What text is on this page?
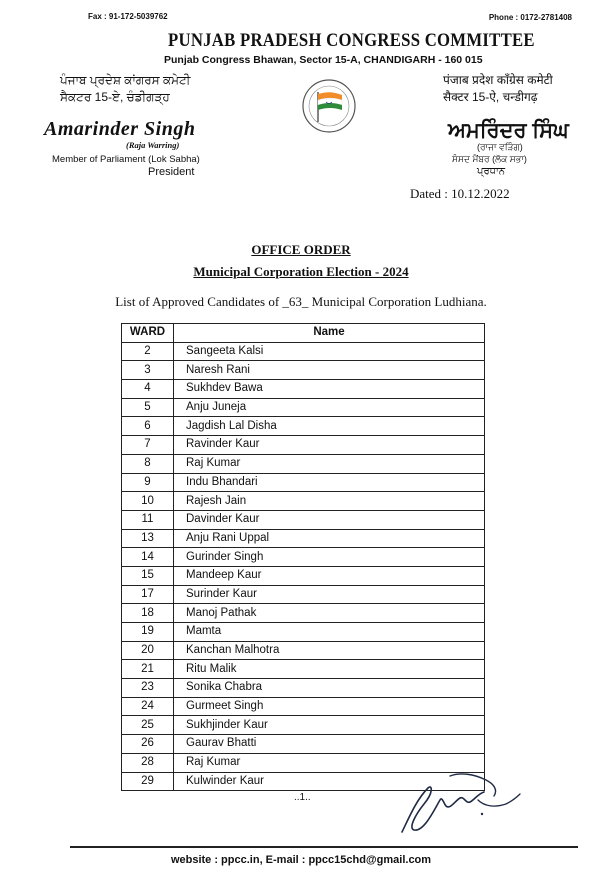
Fax : 91-172-5039762	Phone : 0172-2781408
PUNJAB PRADESH CONGRESS COMMITTEE
Punjab Congress Bhawan, Sector 15-A, CHANDIGARH - 160 015
ਪੰਜਾਬ ਪ੍ਰਦੇਸ਼ ਕਾਂਗਰਸ ਕਮੇਟੀ
ਸੈਕਟਰ 15-ਏ, ਚੰਡੀਗੜ੍ਹ
पंजाब प्रदेश कॉंग्रेस कमेटी
सैक्टर 15-ऐ, चन्डीगढ़
Amarinder Singh
(Raja Warring)
Member of Parliament (Lok Sabha)
President
ਅਮਰਿੰਦਰ ਸਿੰਘ
(ਰਾਜਾ ਵੜਿੰਗ)
ਸੰਸਦ ਮੈਂਬਰ (ਲੋਕ ਸਭਾ)
ਪ੍ਰਧਾਨ
Dated : 10.12.2022
OFFICE ORDER
Municipal Corporation Election - 2024
List of Approved Candidates of _63_ Municipal Corporation Ludhiana.
WARD	Name
2	Sangeeta Kalsi
3	Naresh Rani
4	Sukhdev Bawa
5	Anju Juneja
6	Jagdish Lal Disha
7	Ravinder Kaur
8	Raj Kumar
9	Indu Bhandari
10	Rajesh Jain
11	Davinder Kaur
13	Anju Rani Uppal
14	Gurinder Singh
15	Mandeep Kaur
17	Surinder Kaur
18	Manoj Pathak
19	Mamta
20	Kanchan Malhotra
21	Ritu Malik
23	Sonika Chabra
24	Gurmeet Singh
25	Sukhjinder Kaur
26	Gaurav Bhatti
28	Raj Kumar
29	Kulwinder Kaur
..1..
website : ppcc.in, E-mail : ppcc15chd@gmail.com
